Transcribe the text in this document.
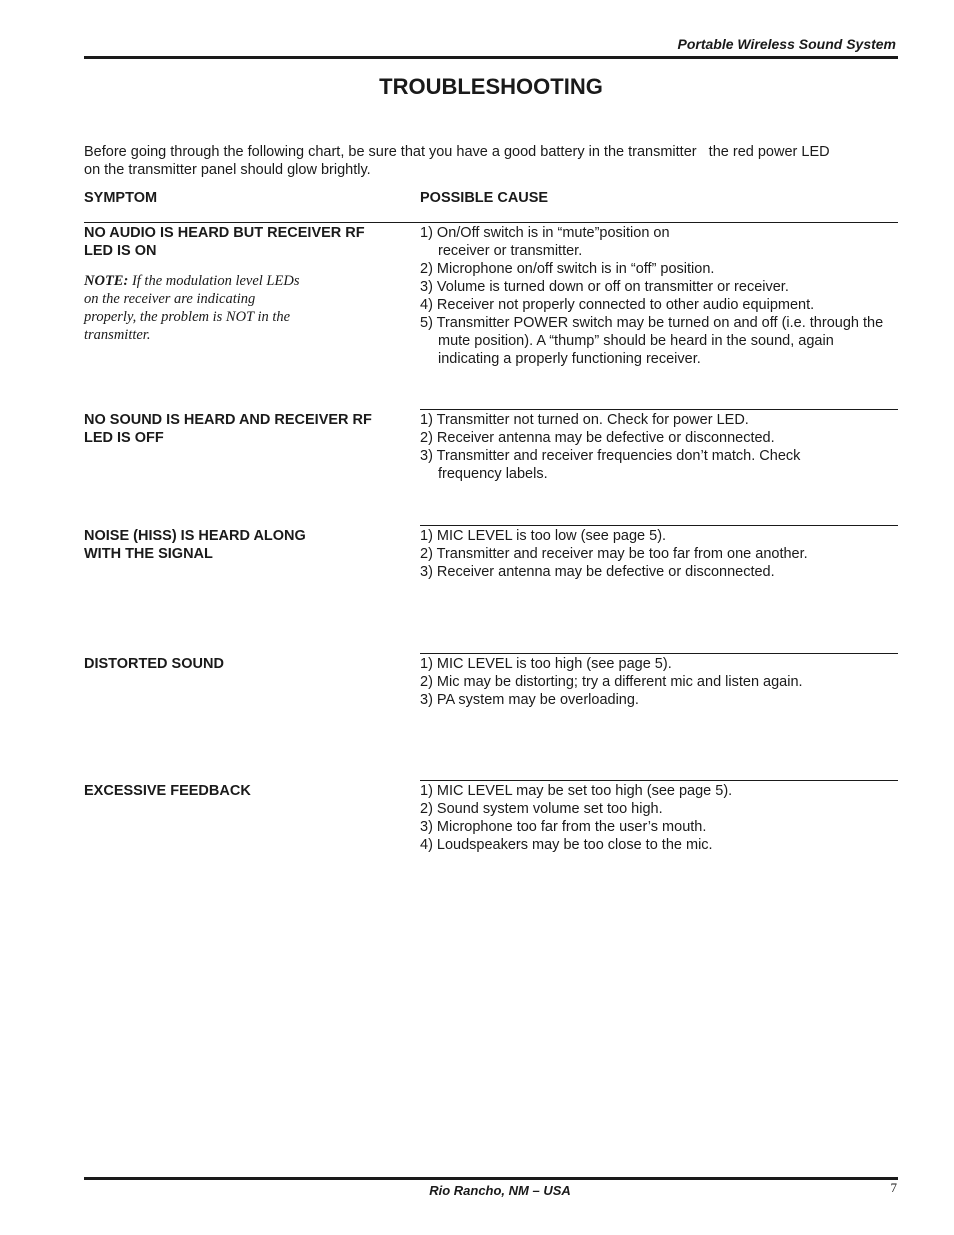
Portable Wireless Sound System
TROUBLESHOOTING
Before going through the following chart, be sure that you have a good battery in the transmitter   the red power LED
on the transmitter panel should glow brightly.
SYMPTOM	POSSIBLE CAUSE
NO AUDIO IS HEARD BUT RECEIVER RF LED IS ON
NOTE: If the modulation level LEDs on the receiver are indicating properly, the problem is NOT in the transmitter.
1) On/Off switch is in “mute”position on receiver or transmitter.
2) Microphone on/off switch is in “off” position.
3) Volume is turned down or off on transmitter or receiver.
4) Receiver not properly connected to other audio equipment.
5) Transmitter POWER switch may be turned on and off (i.e. through the mute position). A “thump” should be heard in the sound, again indicating a properly functioning receiver.
NO SOUND IS HEARD AND RECEIVER RF LED IS OFF
1) Transmitter not turned on. Check for power LED.
2) Receiver antenna may be defective or disconnected.
3) Transmitter and receiver frequencies don’t match. Check frequency labels.
NOISE (HISS) IS HEARD ALONG WITH THE SIGNAL
1) MIC LEVEL is too low (see page 5).
2) Transmitter and receiver may be too far from one another.
3) Receiver antenna may be defective or disconnected.
DISTORTED SOUND	1) MIC LEVEL is too high (see page 5).
2) Mic may be distorting; try a different mic and listen again.
3) PA system may be overloading.
EXCESSIVE FEEDBACK	1) MIC LEVEL may be set too high (see page 5).
2) Sound system volume set too high.
3) Microphone too far from the user’s mouth.
4) Loudspeakers may be too close to the mic.
Rio Rancho, NM – USA	7
